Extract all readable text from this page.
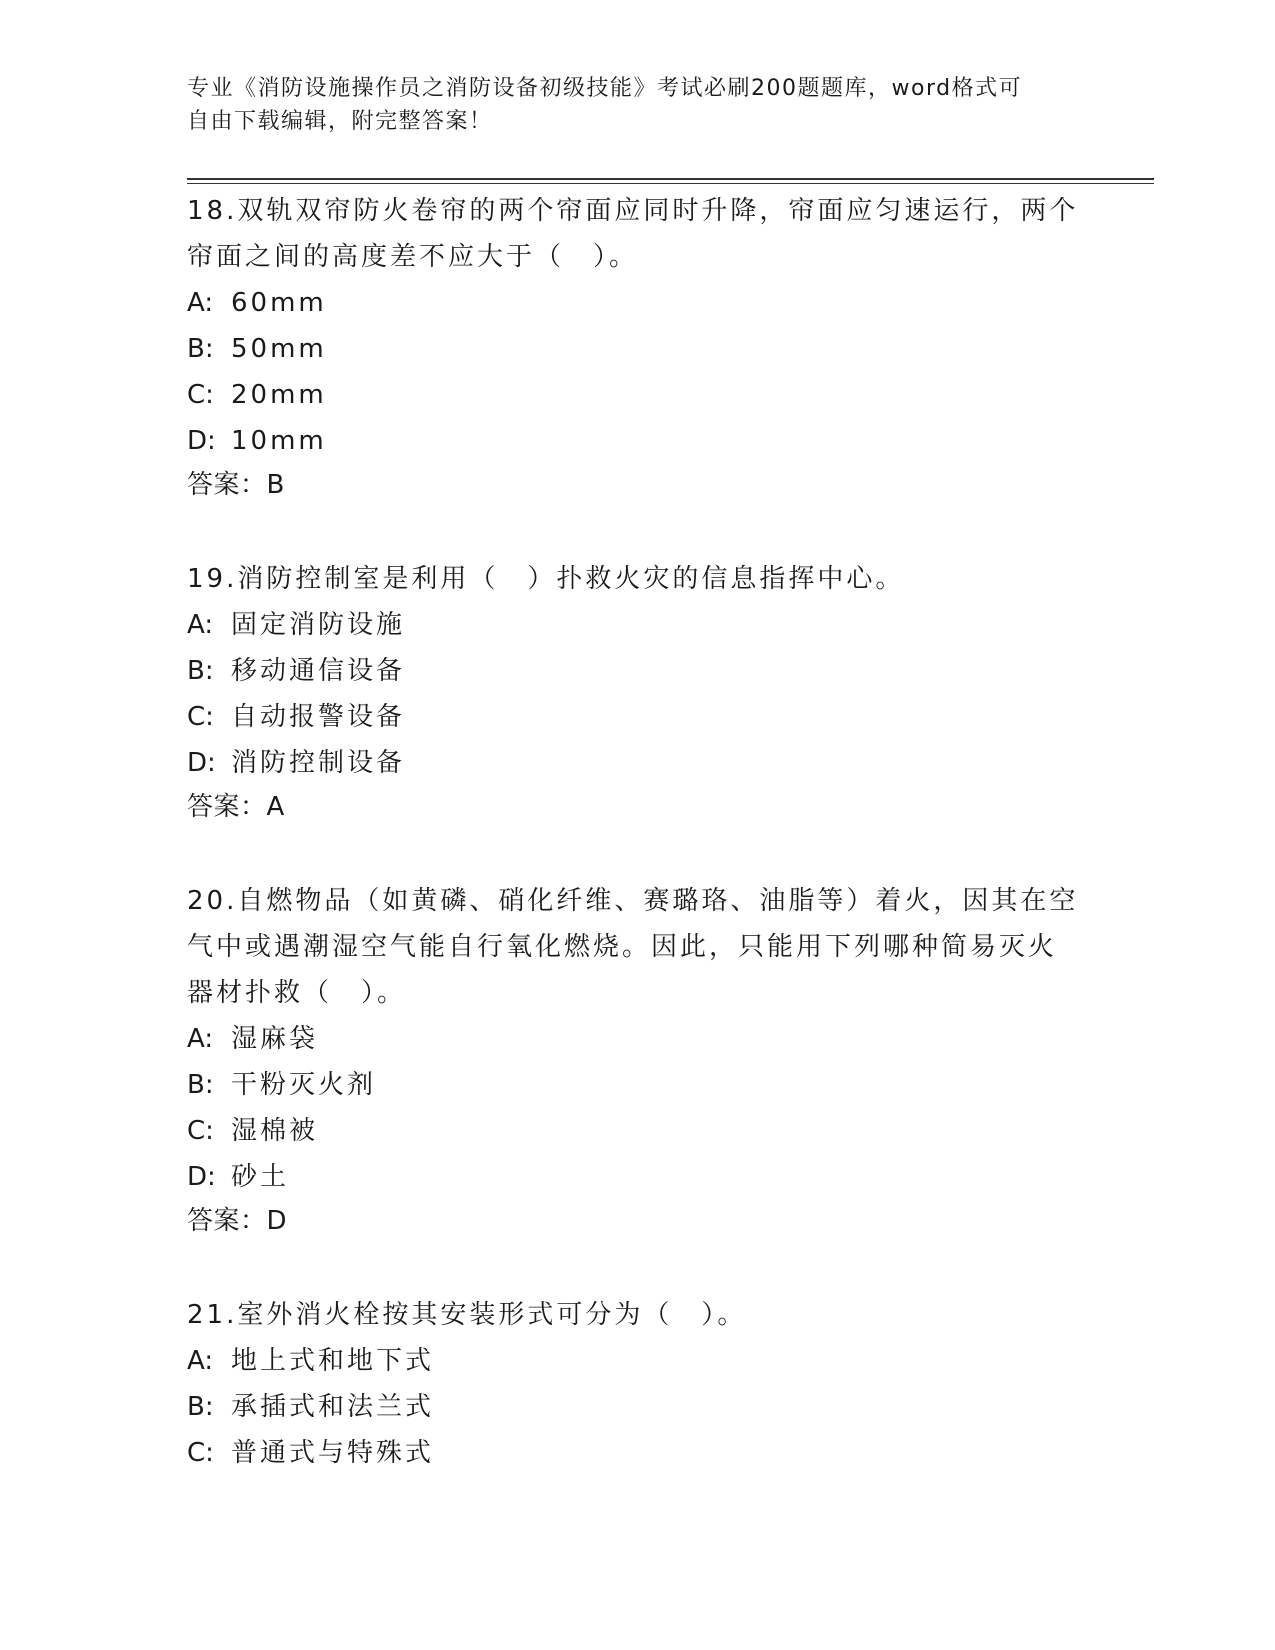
专业《消防设施操作员之消防设备初级技能》考试必刷200题题库，word格式可
自由下载编辑，附完整答案！

18.双轨双帘防火卷帘的两个帘面应同时升降，帘面应匀速运行，两个

帘面之间的高度差不应大于（　）。

A: 60mm

B: 50mm

C: 20mm

D: 10mm

答案：B

19.消防控制室是利用（　）扑救火灾的信息指挥中心。

A: 固定消防设施

B: 移动通信设备

C: 自动报警设备

D: 消防控制设备

答案：A

20.自燃物品（如黄磷、硝化纤维、赛璐珞、油脂等）着火，因其在空

气中或遇潮湿空气能自行氧化燃烧。因此，只能用下列哪种简易灭火

器材扑救（　）。

A: 湿麻袋

B: 干粉灭火剂

C: 湿棉被

D: 砂土

答案：D

21.室外消火栓按其安装形式可分为（　）。

A: 地上式和地下式

B: 承插式和法兰式

C: 普通式与特殊式
